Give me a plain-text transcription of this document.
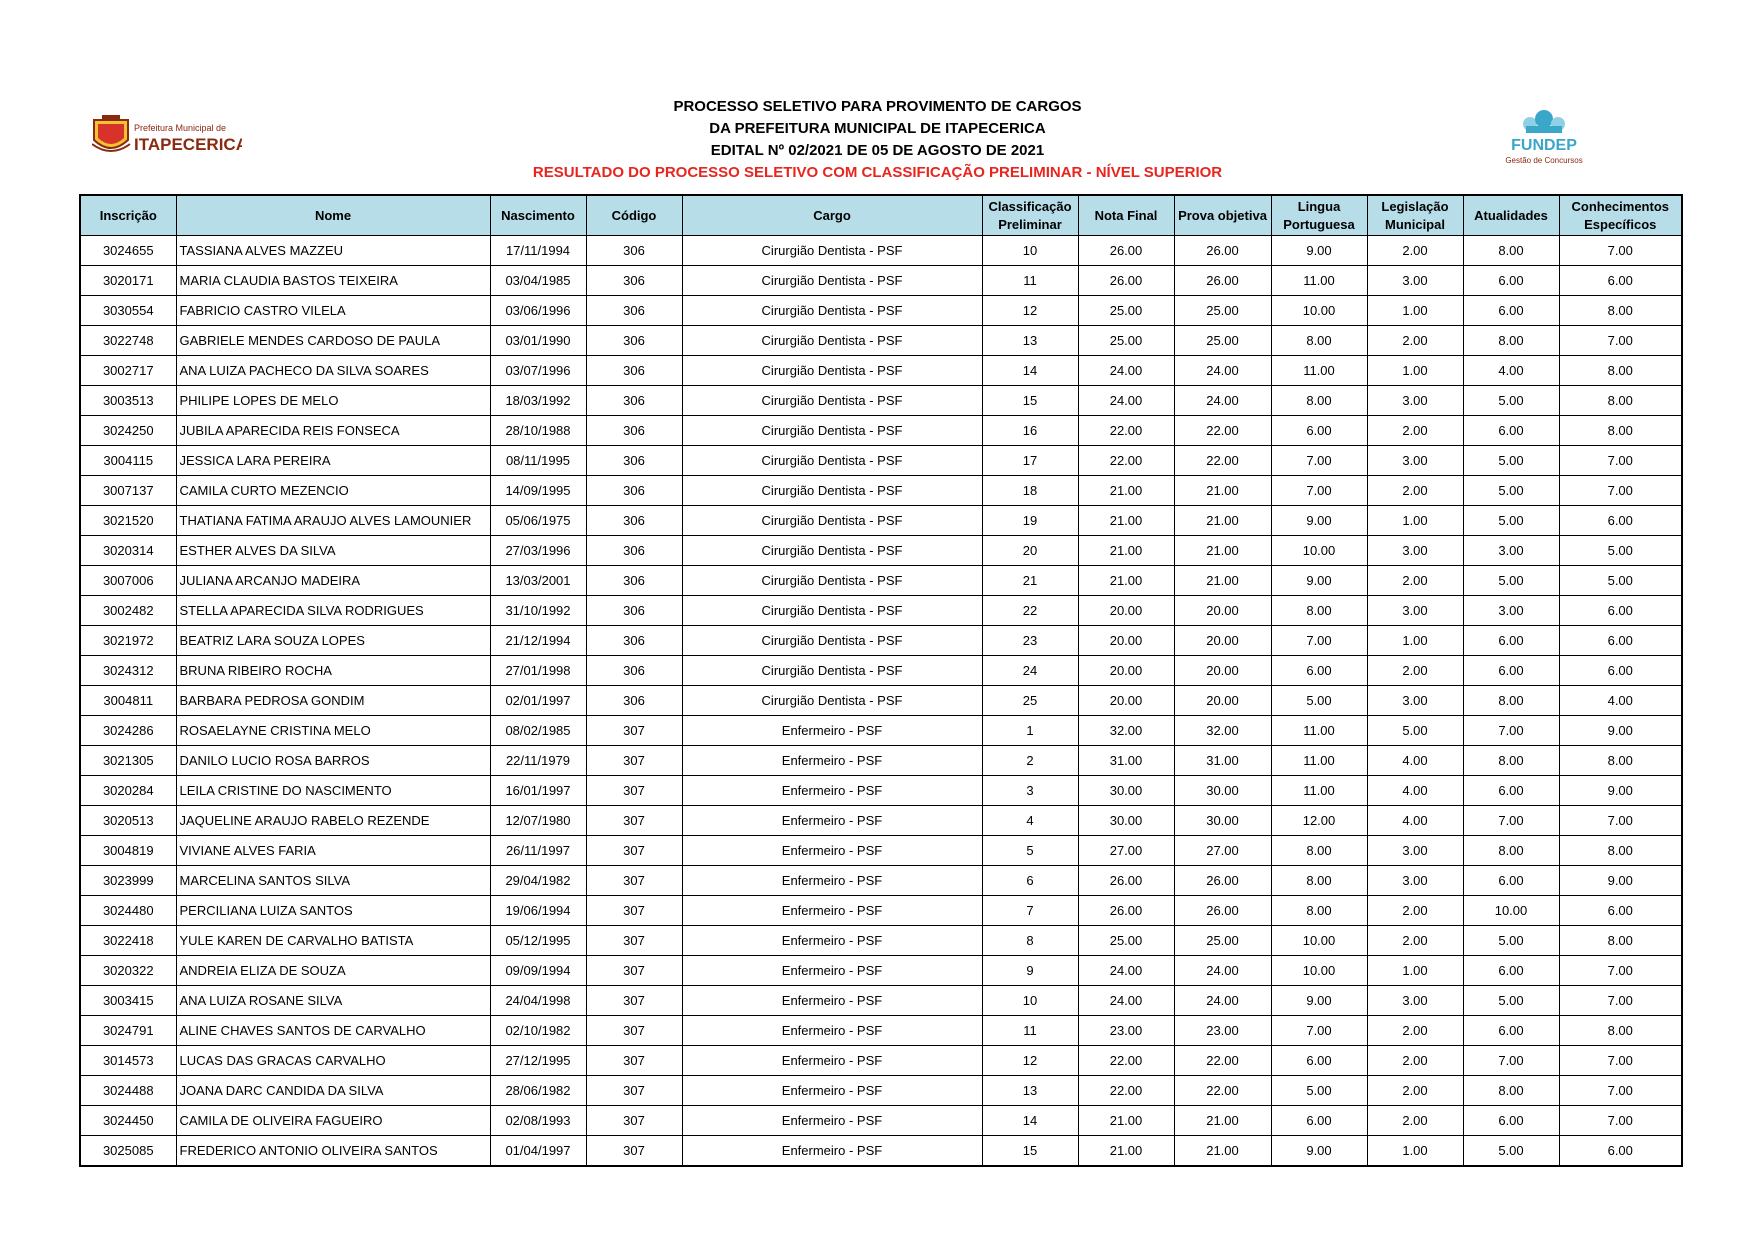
Prefeitura Municipal de
ITAPECERICA	FUNDEP
Gestão de Concursos
PROCESSO SELETIVO PARA PROVIMENTO DE CARGOS
DA PREFEITURA MUNICIPAL DE ITAPECERICA
EDITAL Nº 02/2021 DE 05 DE AGOSTO DE 2021
RESULTADO DO PROCESSO SELETIVO COM CLASSIFICAÇÃO PRELIMINAR - NÍVEL SUPERIOR
Inscrição	Nome	Nascimento	Código	Cargo	Classificação Preliminar	Nota Final	Prova objetiva	Lingua Portuguesa	Legislação Municipal	Atualidades	Conhecimentos Específicos
3024655	TASSIANA ALVES MAZZEU	17/11/1994	306	Cirurgião Dentista - PSF	10	26.00	26.00	9.00	2.00	8.00	7.00
3020171	MARIA CLAUDIA BASTOS TEIXEIRA	03/04/1985	306	Cirurgião Dentista - PSF	11	26.00	26.00	11.00	3.00	6.00	6.00
3030554	FABRICIO CASTRO VILELA	03/06/1996	306	Cirurgião Dentista - PSF	12	25.00	25.00	10.00	1.00	6.00	8.00
3022748	GABRIELE MENDES CARDOSO DE PAULA	03/01/1990	306	Cirurgião Dentista - PSF	13	25.00	25.00	8.00	2.00	8.00	7.00
3002717	ANA LUIZA PACHECO DA SILVA SOARES	03/07/1996	306	Cirurgião Dentista - PSF	14	24.00	24.00	11.00	1.00	4.00	8.00
3003513	PHILIPE LOPES DE MELO	18/03/1992	306	Cirurgião Dentista - PSF	15	24.00	24.00	8.00	3.00	5.00	8.00
3024250	JUBILA APARECIDA REIS FONSECA	28/10/1988	306	Cirurgião Dentista - PSF	16	22.00	22.00	6.00	2.00	6.00	8.00
3004115	JESSICA LARA PEREIRA	08/11/1995	306	Cirurgião Dentista - PSF	17	22.00	22.00	7.00	3.00	5.00	7.00
3007137	CAMILA CURTO MEZENCIO	14/09/1995	306	Cirurgião Dentista - PSF	18	21.00	21.00	7.00	2.00	5.00	7.00
3021520	THATIANA FATIMA ARAUJO ALVES LAMOUNIER	05/06/1975	306	Cirurgião Dentista - PSF	19	21.00	21.00	9.00	1.00	5.00	6.00
3020314	ESTHER ALVES DA SILVA	27/03/1996	306	Cirurgião Dentista - PSF	20	21.00	21.00	10.00	3.00	3.00	5.00
3007006	JULIANA ARCANJO MADEIRA	13/03/2001	306	Cirurgião Dentista - PSF	21	21.00	21.00	9.00	2.00	5.00	5.00
3002482	STELLA APARECIDA SILVA RODRIGUES	31/10/1992	306	Cirurgião Dentista - PSF	22	20.00	20.00	8.00	3.00	3.00	6.00
3021972	BEATRIZ LARA SOUZA LOPES	21/12/1994	306	Cirurgião Dentista - PSF	23	20.00	20.00	7.00	1.00	6.00	6.00
3024312	BRUNA RIBEIRO ROCHA	27/01/1998	306	Cirurgião Dentista - PSF	24	20.00	20.00	6.00	2.00	6.00	6.00
3004811	BARBARA PEDROSA GONDIM	02/01/1997	306	Cirurgião Dentista - PSF	25	20.00	20.00	5.00	3.00	8.00	4.00
3024286	ROSAELAYNE CRISTINA MELO	08/02/1985	307	Enfermeiro - PSF	1	32.00	32.00	11.00	5.00	7.00	9.00
3021305	DANILO LUCIO ROSA BARROS	22/11/1979	307	Enfermeiro - PSF	2	31.00	31.00	11.00	4.00	8.00	8.00
3020284	LEILA CRISTINE DO NASCIMENTO	16/01/1997	307	Enfermeiro - PSF	3	30.00	30.00	11.00	4.00	6.00	9.00
3020513	JAQUELINE ARAUJO RABELO REZENDE	12/07/1980	307	Enfermeiro - PSF	4	30.00	30.00	12.00	4.00	7.00	7.00
3004819	VIVIANE ALVES FARIA	26/11/1997	307	Enfermeiro - PSF	5	27.00	27.00	8.00	3.00	8.00	8.00
3023999	MARCELINA SANTOS SILVA	29/04/1982	307	Enfermeiro - PSF	6	26.00	26.00	8.00	3.00	6.00	9.00
3024480	PERCILIANA LUIZA SANTOS	19/06/1994	307	Enfermeiro - PSF	7	26.00	26.00	8.00	2.00	10.00	6.00
3022418	YULE KAREN DE CARVALHO BATISTA	05/12/1995	307	Enfermeiro - PSF	8	25.00	25.00	10.00	2.00	5.00	8.00
3020322	ANDREIA ELIZA DE SOUZA	09/09/1994	307	Enfermeiro - PSF	9	24.00	24.00	10.00	1.00	6.00	7.00
3003415	ANA LUIZA ROSANE SILVA	24/04/1998	307	Enfermeiro - PSF	10	24.00	24.00	9.00	3.00	5.00	7.00
3024791	ALINE CHAVES SANTOS DE CARVALHO	02/10/1982	307	Enfermeiro - PSF	11	23.00	23.00	7.00	2.00	6.00	8.00
3014573	LUCAS DAS GRACAS CARVALHO	27/12/1995	307	Enfermeiro - PSF	12	22.00	22.00	6.00	2.00	7.00	7.00
3024488	JOANA DARC CANDIDA DA SILVA	28/06/1982	307	Enfermeiro - PSF	13	22.00	22.00	5.00	2.00	8.00	7.00
3024450	CAMILA DE OLIVEIRA FAGUEIRO	02/08/1993	307	Enfermeiro - PSF	14	21.00	21.00	6.00	2.00	6.00	7.00
3025085	FREDERICO ANTONIO OLIVEIRA SANTOS	01/04/1997	307	Enfermeiro - PSF	15	21.00	21.00	9.00	1.00	5.00	6.00
